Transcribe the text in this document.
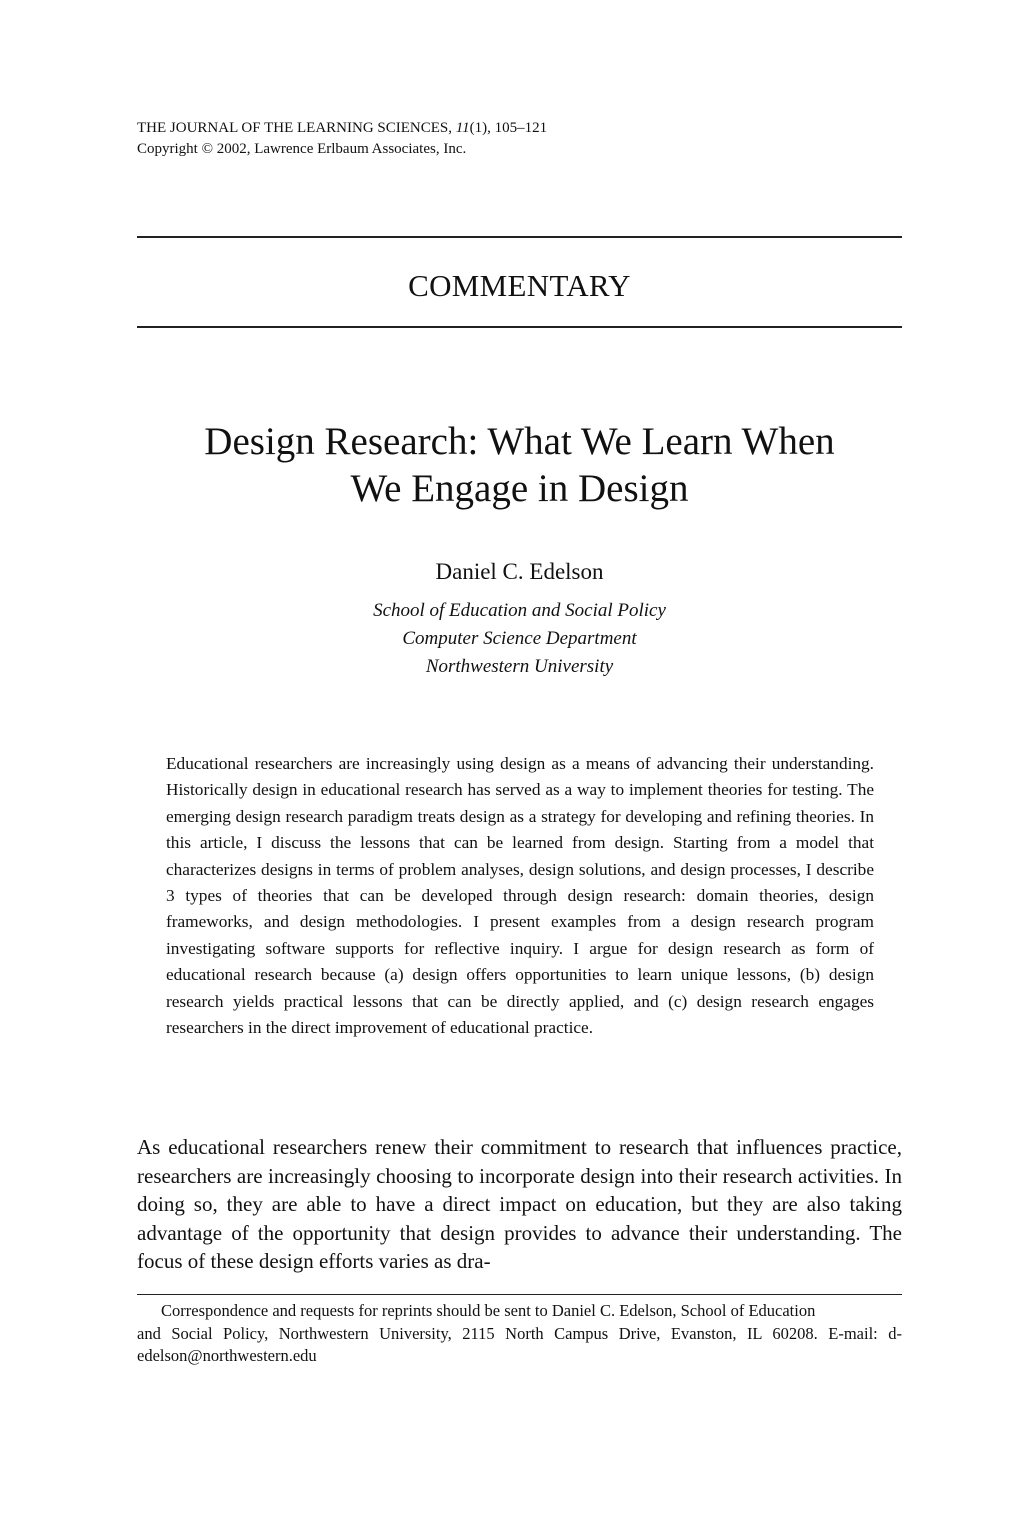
THE JOURNAL OF THE LEARNING SCIENCES, 11(1), 105–121
Copyright © 2002, Lawrence Erlbaum Associates, Inc.
COMMENTARY
Design Research: What We Learn When
We Engage in Design
Daniel C. Edelson
School of Education and Social Policy
Computer Science Department
Northwestern University
Educational researchers are increasingly using design as a means of advancing their understanding. Historically design in educational research has served as a way to implement theories for testing. The emerging design research paradigm treats design as a strategy for developing and refining theories. In this article, I discuss the lessons that can be learned from design. Starting from a model that characterizes designs in terms of problem analyses, design solutions, and design processes, I describe 3 types of theories that can be developed through design research: domain theories, design frameworks, and design methodologies. I present examples from a design research program investigating software supports for reflective inquiry. I argue for design research as form of educational research because (a) design offers opportunities to learn unique lessons, (b) design research yields practical lessons that can be directly applied, and (c) design research engages researchers in the direct improvement of educational practice.
As educational researchers renew their commitment to research that influences practice, researchers are increasingly choosing to incorporate design into their research activities. In doing so, they are able to have a direct impact on education, but they are also taking advantage of the opportunity that design provides to advance their understanding. The focus of these design efforts varies as dra-
Correspondence and requests for reprints should be sent to Daniel C. Edelson, School of Education
and Social Policy, Northwestern University, 2115 North Campus Drive, Evanston, IL 60208. E-mail: d-edelson@northwestern.edu
